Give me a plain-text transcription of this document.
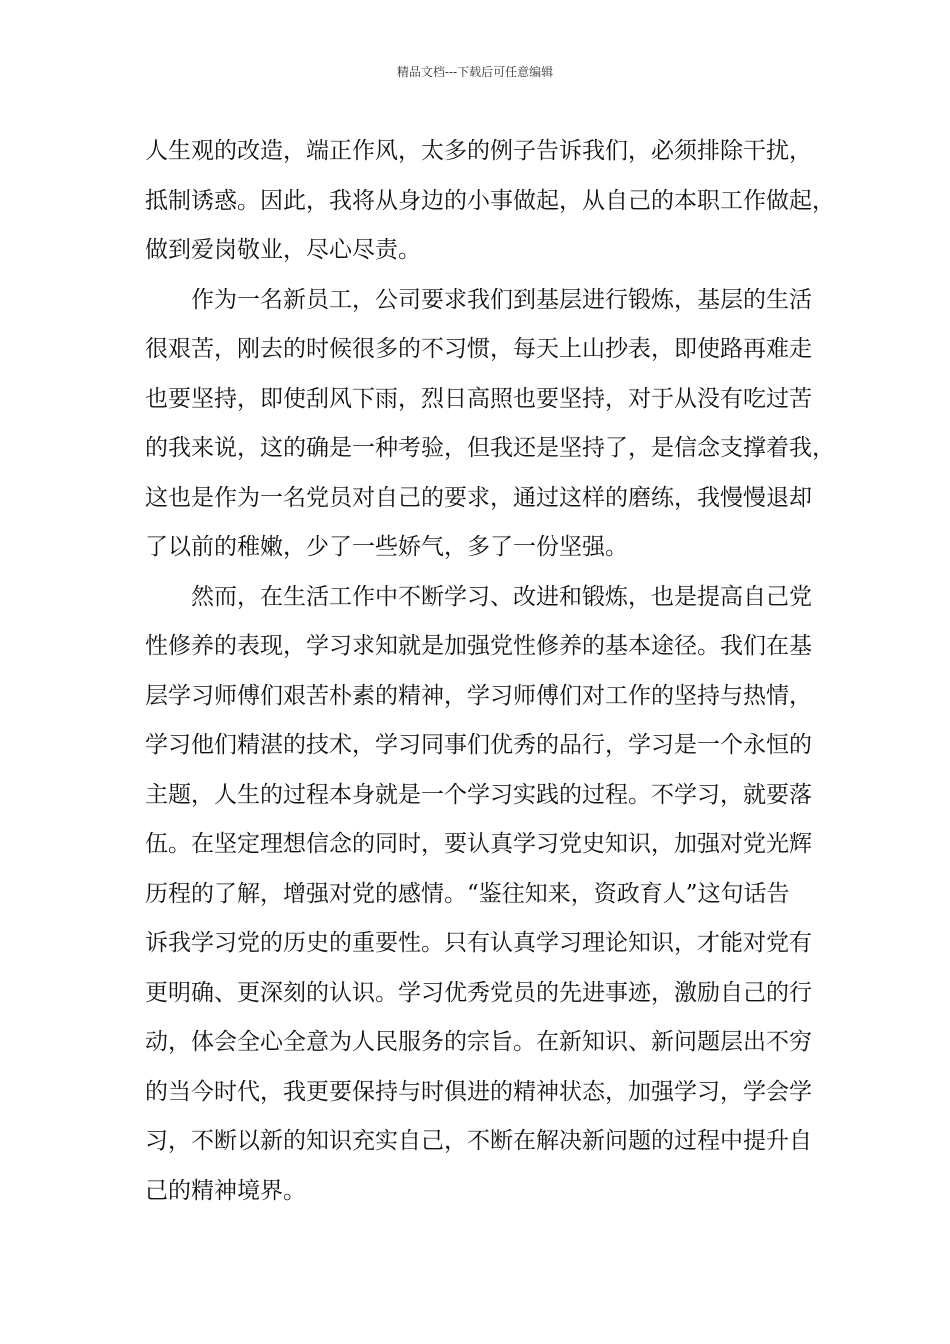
精品文档---下载后可任意编辑
人生观的改造，端正作风，太多的例子告诉我们，必须排除干扰，
抵制诱惑。因此，我将从身边的小事做起，从自己的本职工作做起，
做到爱岗敬业，尽心尽责。
作为一名新员工，公司要求我们到基层进行锻炼，基层的生活
很艰苦，刚去的时候很多的不习惯，每天上山抄表，即使路再难走
也要坚持，即使刮风下雨，烈日高照也要坚持，对于从没有吃过苦
的我来说，这的确是一种考验，但我还是坚持了，是信念支撑着我，
这也是作为一名党员对自己的要求，通过这样的磨练，我慢慢退却
了以前的稚嫩，少了一些娇气，多了一份坚强。
然而，在生活工作中不断学习、改进和锻炼，也是提高自己党
性修养的表现，学习求知就是加强党性修养的基本途径。我们在基
层学习师傅们艰苦朴素的精神，学习师傅们对工作的坚持与热情，
学习他们精湛的技术，学习同事们优秀的品行，学习是一个永恒的
主题，人生的过程本身就是一个学习实践的过程。不学习，就要落
伍。在坚定理想信念的同时，要认真学习党史知识，加强对党光辉
历程的了解，增强对党的感情。“鉴往知来，资政育人”这句话告
诉我学习党的历史的重要性。只有认真学习理论知识，才能对党有
更明确、更深刻的认识。学习优秀党员的先进事迹，激励自己的行
动，体会全心全意为人民服务的宗旨。在新知识、新问题层出不穷
的当今时代，我更要保持与时俱进的精神状态，加强学习，学会学
习，不断以新的知识充实自己，不断在解决新问题的过程中提升自
己的精神境界。
